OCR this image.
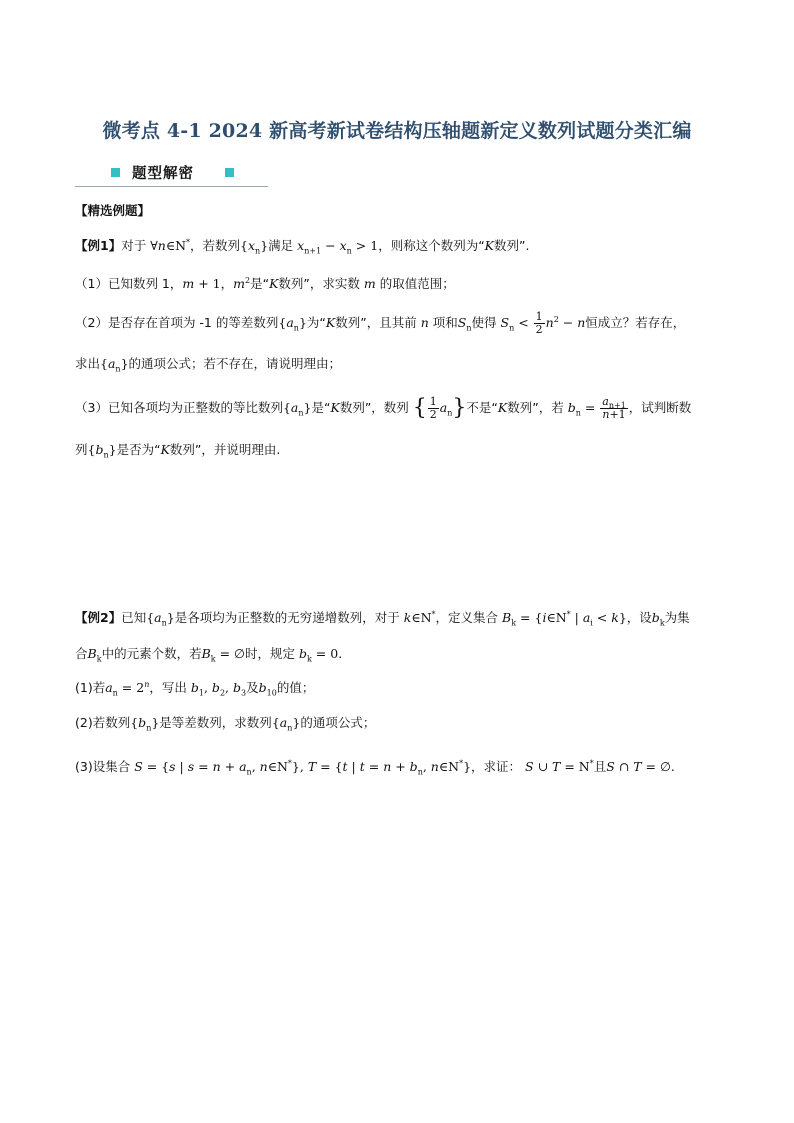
微考点 4-1 2024 新高考新试卷结构压轴题新定义数列试题分类汇编
题型解密
【精选例题】
【例1】对于 ∀n∈N*，若数列$\{x_n\}$满足 $x_{n+1} - x_n > 1$，则称这个数列为“K数列”.
（1）已知数列 1，m + 1，$m^2$是“K数列”，求实数 m 的取值范围；
（2）是否存在首项为 -1 的等差数列$\{a_n\}$为“K数列”，且其前 n 项和$S_n$使得 $S_n < \frac{1}{2} n^2 - n$恒成立？若存在，
求出$\{a_n\}$的通项公式；若不存在，请说明理由；
（3）已知各项均为正整数的等比数列$\{a_n\}$是“K数列”，数列 { $\frac{1}{2} a_n$}不是“K数列”，若 $b_n = \frac{a_{n+1}}{n+1}$ ，试判断数
列$\{b_n\}$是否为“K数列”，并说明理由.
【例2】已知$\{a_n\}$是各项均为正整数的无穷递增数列，对于 k∈N*，定义集合 $B_k$ = {i∈N* | $a_i < k$}，设$b_k$为集
合$B_k$中的元素个数，若$B_k$ = ∅时，规定 $b_k = 0$.
(1)若$a_n = 2^n$，写出 $b_1$, $b_2$, $b_3$及$b_{10}$的值；
(2)若数列$\{b_n\}$是等差数列，求数列$\{a_n\}$的通项公式；
(3)设集合 S = {s | $s = n + a_n$, n∈N*}, T = {t | $t = n + b_n$, n∈N*}，求证： S ∪ T = N*且S ∩ T = ∅.
